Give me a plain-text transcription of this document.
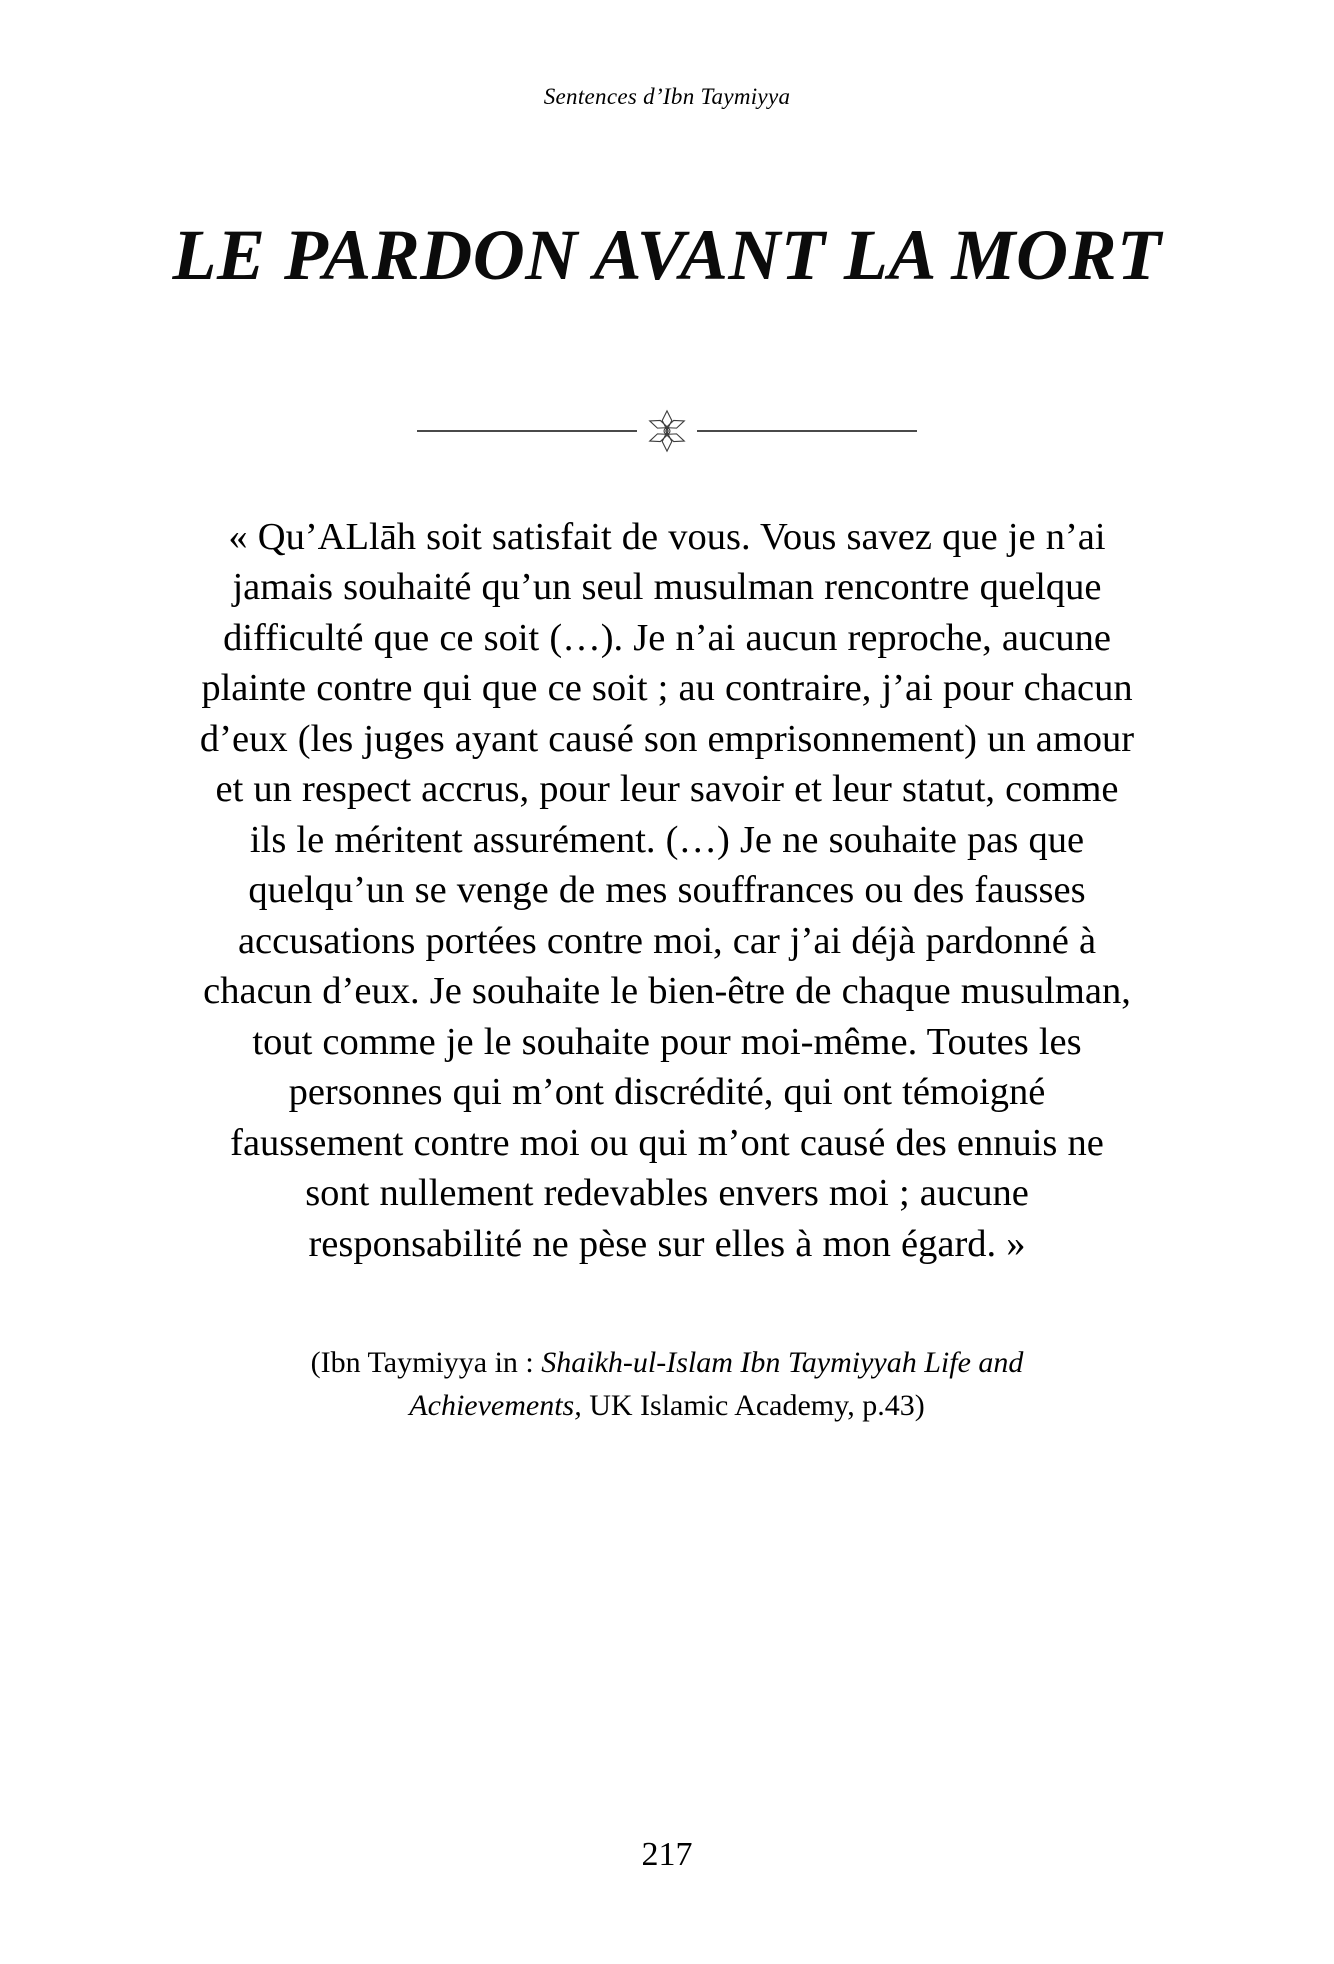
Sentences d’Ibn Taymiyya
LE PARDON AVANT LA MORT
« Qu’ALlāh soit satisfait de vous. Vous savez que je n’ai jamais souhaité qu’un seul musulman rencontre quelque difficulté que ce soit (…). Je n’ai aucun reproche, aucune plainte contre qui que ce soit ; au contraire, j’ai pour chacun d’eux (les juges ayant causé son emprisonnement) un amour et un respect accrus, pour leur savoir et leur statut, comme ils le méritent assurément. (…) Je ne souhaite pas que quelqu’un se venge de mes souffrances ou des fausses accusations portées contre moi, car j’ai déjà pardonné à chacun d’eux. Je souhaite le bien-être de chaque musulman, tout comme je le souhaite pour moi-même. Toutes les personnes qui m’ont discrédité, qui ont témoigné faussement contre moi ou qui m’ont causé des ennuis ne sont nullement redevables envers moi ; aucune responsabilité ne pèse sur elles à mon égard. »
(Ibn Taymiyya in : Shaikh-ul-Islam Ibn Taymiyyah Life and Achievements, UK Islamic Academy, p.43)
217
